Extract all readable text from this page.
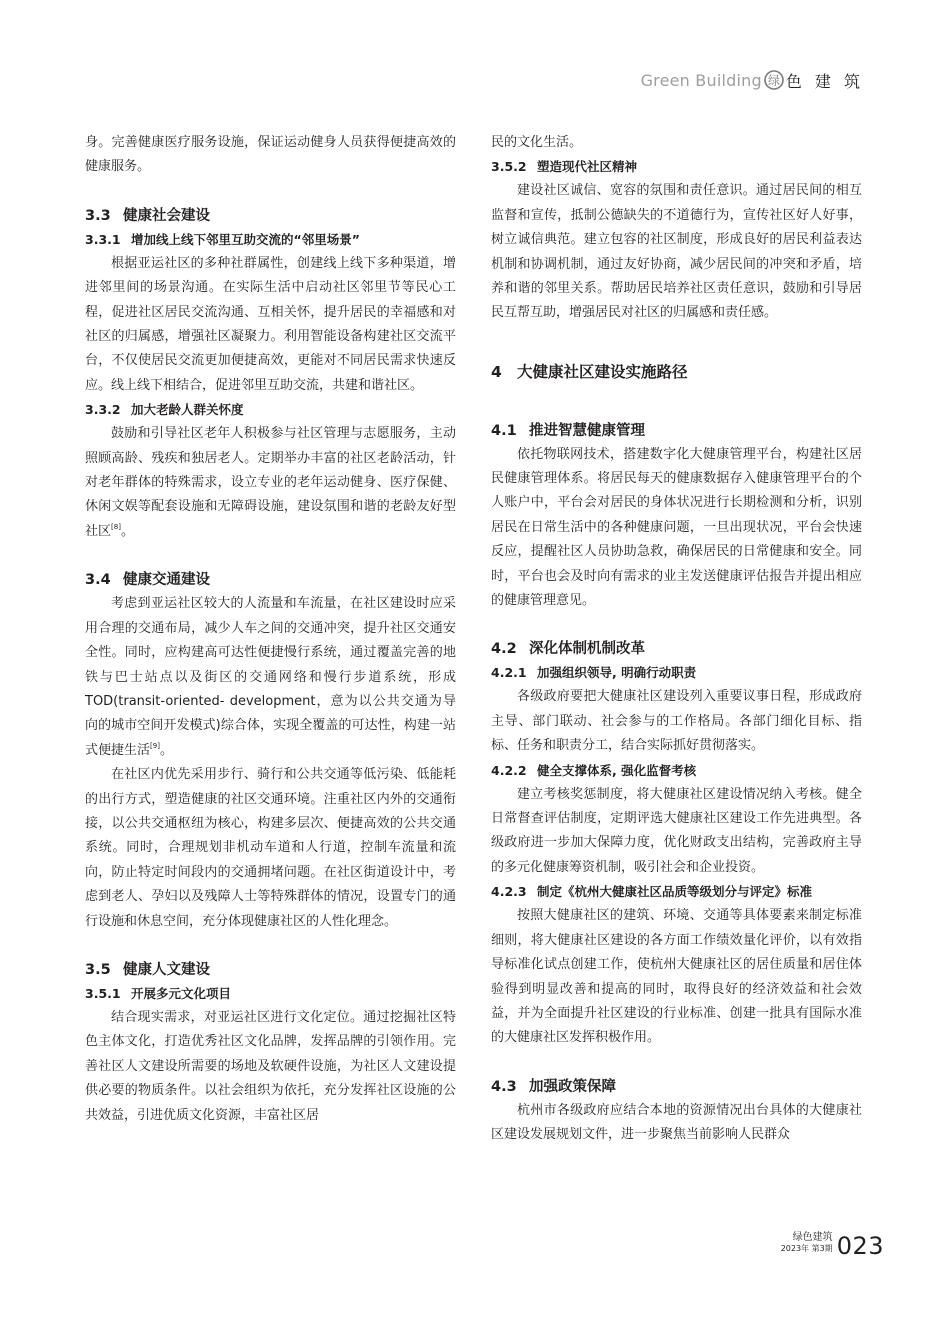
Green Building 绿 色 建 筑

身。完善健康医疗服务设施，保证运动健身人员获得便捷高效的健康服务。

3.3 健康社会建设
3.3.1 增加线上线下邻里互助交流的“邻里场景”

根据亚运社区的多种社群属性，创建线上线下多种渠道，增进邻里间的场景沟通。在实际生活中启动社区邻里节等民心工程，促进社区居民交流沟通、互相关怀，提升居民的幸福感和对社区的归属感，增强社区凝聚力。利用智能设备构建社区交流平台，不仅使居民交流更加便捷高效，更能对不同居民需求快速反应。线上线下相结合，促进邻里互助交流，共建和谐社区。

3.3.2 加大老龄人群关怀度

鼓励和引导社区老年人积极参与社区管理与志愿服务，主动照顾高龄、残疾和独居老人。定期举办丰富的社区老龄活动，针对老年群体的特殊需求，设立专业的老年运动健身、医疗保健、休闲文娱等配套设施和无障碍设施，建设氛围和谐的老龄友好型社区[8]。

3.4 健康交通建设

考虑到亚运社区较大的人流量和车流量，在社区建设时应采用合理的交通布局，减少人车之间的交通冲突，提升社区交通安全性。同时，应构建高可达性便捷慢行系统，通过覆盖完善的地铁与巴士站点以及街区的交通网络和慢行步道系统，形成TOD(transit-oriented- development，意为以公共交通为导向的城市空间开发模式)综合体，实现全覆盖的可达性，构建一站式便捷生活[9]。

在社区内优先采用步行、骑行和公共交通等低污染、低能耗的出行方式，塑造健康的社区交通环境。注重社区内外的交通衔接，以公共交通枢纽为核心，构建多层次、便捷高效的公共交通系统。同时，合理规划非机动车道和人行道，控制车流量和流向，防止特定时间段内的交通拥堵问题。在社区街道设计中，考虑到老人、孕妇以及残障人士等特殊群体的情况，设置专门的通行设施和休息空间，充分体现健康社区的人性化理念。

3.5 健康人文建设
3.5.1 开展多元文化项目

结合现实需求，对亚运社区进行文化定位。通过挖掘社区特色主体文化，打造优秀社区文化品牌，发挥品牌的引领作用。完善社区人文建设所需要的场地及软硬件设施，为社区人文建设提供必要的物质条件。以社会组织为依托，充分发挥社区设施的公共效益，引进优质文化资源，丰富社区居

民的文化生活。

3.5.2 塑造现代社区精神

建设社区诚信、宽容的氛围和责任意识。通过居民间的相互监督和宣传，抵制公德缺失的不道德行为，宣传社区好人好事，树立诚信典范。建立包容的社区制度，形成良好的居民利益表达机制和协调机制，通过友好协商，减少居民间的冲突和矛盾，培养和谐的邻里关系。帮助居民培养社区责任意识，鼓励和引导居民互帮互助，增强居民对社区的归属感和责任感。

4 大健康社区建设实施路径
4.1 推进智慧健康管理

依托物联网技术，搭建数字化大健康管理平台，构建社区居民健康管理体系。将居民每天的健康数据存入健康管理平台的个人账户中，平台会对居民的身体状况进行长期检测和分析，识别居民在日常生活中的各种健康问题，一旦出现状况，平台会快速反应，提醒社区人员协助急救，确保居民的日常健康和安全。同时，平台也会及时向有需求的业主发送健康评估报告并提出相应的健康管理意见。

4.2 深化体制机制改革
4.2.1 加强组织领导, 明确行动职责

各级政府要把大健康社区建设列入重要议事日程，形成政府主导、部门联动、社会参与的工作格局。各部门细化目标、指标、任务和职责分工，结合实际抓好贯彻落实。

4.2.2 健全支撑体系, 强化监督考核

建立考核奖惩制度，将大健康社区建设情况纳入考核。健全日常督查评估制度，定期评选大健康社区建设工作先进典型。各级政府进一步加大保障力度，优化财政支出结构，完善政府主导的多元化健康筹资机制，吸引社会和企业投资。

4.2.3 制定《杭州大健康社区品质等级划分与评定》标准

按照大健康社区的建筑、环境、交通等具体要素来制定标准细则，将大健康社区建设的各方面工作绩效量化评价，以有效指导标准化试点创建工作，使杭州大健康社区的居住质量和居住体验得到明显改善和提高的同时，取得良好的经济效益和社会效益，并为全面提升社区建设的行业标准、创建一批具有国际水准的大健康社区发挥积极作用。

4.3 加强政策保障

杭州市各级政府应结合本地的资源情况出台具体的大健康社区建设发展规划文件，进一步聚焦当前影响人民群众

绿色建筑
2023年 第3期 023
